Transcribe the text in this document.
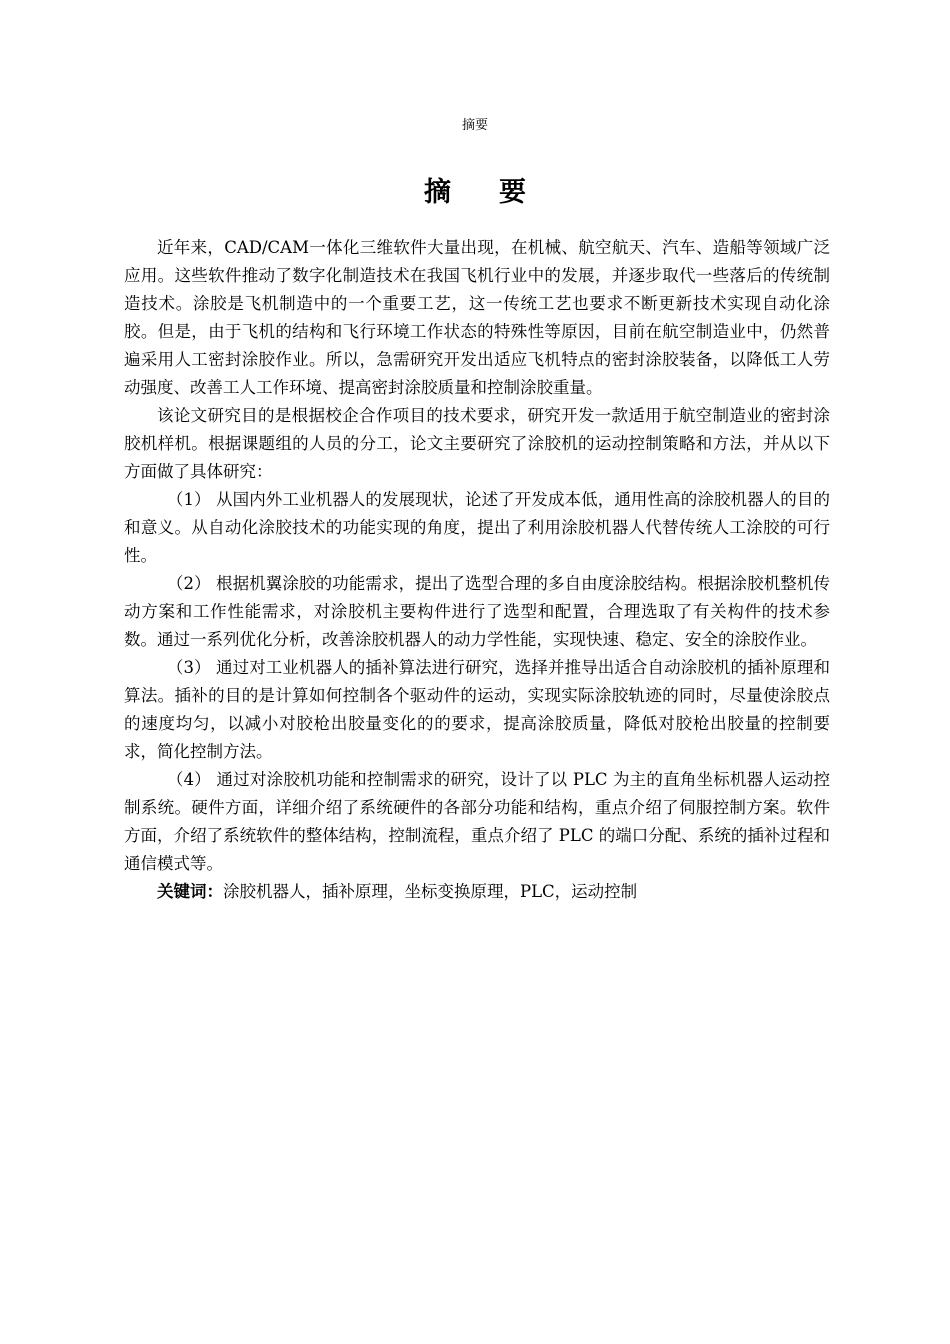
摘要
摘 要

近年来，CAD/CAM一体化三维软件大量出现，在机械、航空航天、汽车、造船等领域广泛应用。这些软件推动了数字化制造技术在我国飞机行业中的发展，并逐步取代一些落后的传统制造技术。涂胶是飞机制造中的一个重要工艺，这一传统工艺也要求不断更新技术实现自动化涂胶。但是，由于飞机的结构和飞行环境工作状态的特殊性等原因，目前在航空制造业中，仍然普遍采用人工密封涂胶作业。所以，急需研究开发出适应飞机特点的密封涂胶装备，以降低工人劳动强度、改善工人工作环境、提高密封涂胶质量和控制涂胶重量。

该论文研究目的是根据校企合作项目的技术要求，研究开发一款适用于航空制造业的密封涂胶机样机。根据课题组的人员的分工，论文主要研究了涂胶机的运动控制策略和方法，并从以下方面做了具体研究：

（1） 从国内外工业机器人的发展现状，论述了开发成本低，通用性高的涂胶机器人的目的和意义。从自动化涂胶技术的功能实现的角度，提出了利用涂胶机器人代替传统人工涂胶的可行性。

（2） 根据机翼涂胶的功能需求，提出了选型合理的多自由度涂胶结构。根据涂胶机整机传动方案和工作性能需求，对涂胶机主要构件进行了选型和配置，合理选取了有关构件的技术参数。通过一系列优化分析，改善涂胶机器人的动力学性能，实现快速、稳定、安全的涂胶作业。

（3） 通过对工业机器人的插补算法进行研究，选择并推导出适合自动涂胶机的插补原理和算法。插补的目的是计算如何控制各个驱动件的运动，实现实际涂胶轨迹的同时，尽量使涂胶点的速度均匀，以减小对胶枪出胶量变化的的要求，提高涂胶质量，降低对胶枪出胶量的控制要求，简化控制方法。

（4） 通过对涂胶机功能和控制需求的研究，设计了以 PLC 为主的直角坐标机器人运动控制系统。硬件方面，详细介绍了系统硬件的各部分功能和结构，重点介绍了伺服控制方案。软件方面，介绍了系统软件的整体结构，控制流程，重点介绍了 PLC 的端口分配、系统的插补过程和通信模式等。

关键词：涂胶机器人，插补原理，坐标变换原理，PLC，运动控制
